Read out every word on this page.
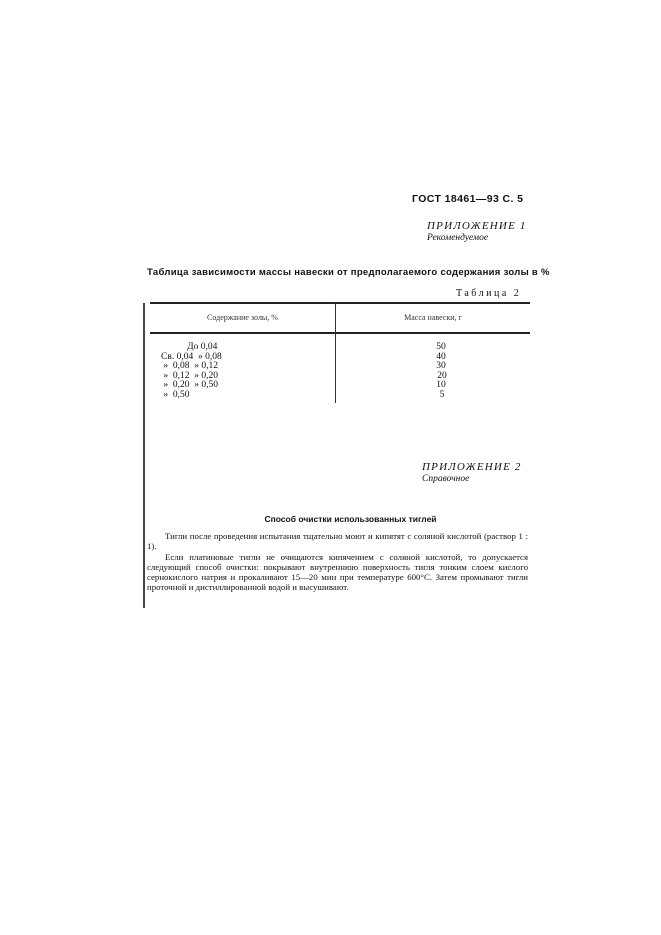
ГОСТ 18461—93 С. 5
ПРИЛОЖЕНИЕ 1
Рекомендуемое
Таблица зависимости массы навески от предполагаемого содержания золы в %
Таблица 2
Содержание золы, %	Масса навески, г
До 0,04
Св. 0,04  » 0,08
»  0,08  » 0,12
»  0,12  » 0,20
»  0,20  » 0,50
»  0,50
50
40
30
20
10
5
ПРИЛОЖЕНИЕ 2
Справочное
Способ очистки использованных тиглей
Тигли после проведения испытания тщательно моют и кипятят с соляной кислотой (раствор 1 : 1).
Если платиновые тигли не очищаются кипячением с соляной кислотой, то допускается следующий способ очистки: покрывают внутреннюю поверхность тигля тонким слоем кислого сернокислого натрия и прокаливают 15—20 мин при температуре 600°С. Затем промывают тигли проточной и дистиллированной водой и высушивают.
